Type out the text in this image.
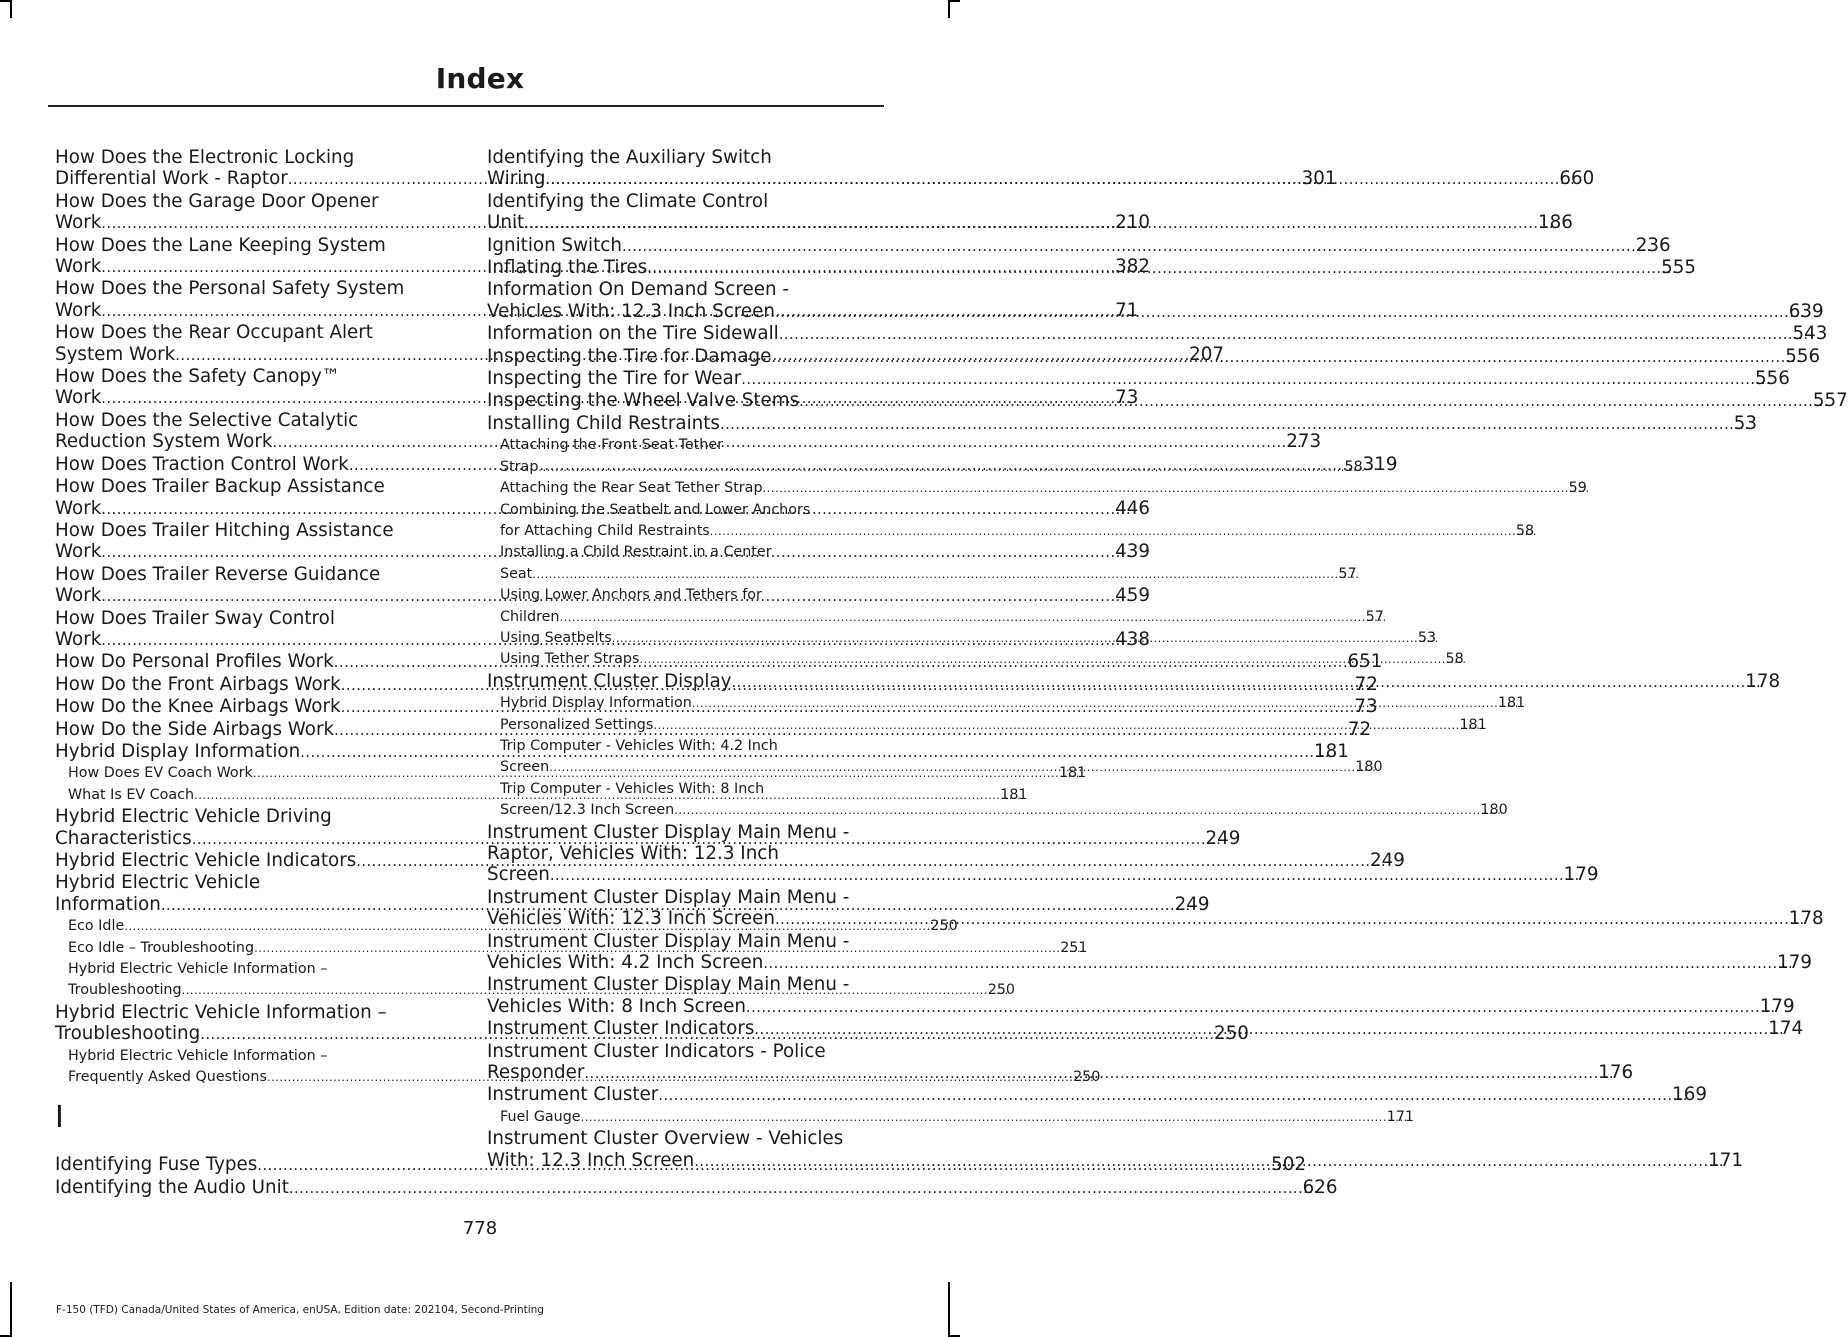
Index
How Does the Electronic Locking
Differential Work - Raptor .....	301
How Does the Garage Door Opener
Work .....	210
How Does the Lane Keeping System
Work .....	382
How Does the Personal Safety System
Work .....	71
How Does the Rear Occupant Alert
System Work .....	207
How Does the Safety Canopy™
Work .....	73
How Does the Selective Catalytic
Reduction System Work .....	273
How Does Traction Control Work .....	319
How Does Trailer Backup Assistance
Work .....	446
How Does Trailer Hitching Assistance
Work .....	439
How Does Trailer Reverse Guidance
Work .....	459
How Does Trailer Sway Control
Work .....	438
How Do Personal Profiles Work .....	651
How Do the Front Airbags Work .....	72
How Do the Knee Airbags Work .....	73
How Do the Side Airbags Work .....	72
Hybrid Display Information .....	181
How Does EV Coach Work .....	181
What Is EV Coach .....	181
Hybrid Electric Vehicle Driving
Characteristics .....	249
Hybrid Electric Vehicle Indicators .....	249
Hybrid Electric Vehicle
Information .....	249
Eco Idle .....	250
Eco Idle – Troubleshooting .....	251
Hybrid Electric Vehicle Information –
Troubleshooting .....	250
Hybrid Electric Vehicle Information –
Troubleshooting .....	250
Hybrid Electric Vehicle Information –
Frequently Asked Questions .....	250
I
Identifying Fuse Types .....	502
Identifying the Audio Unit .....	626
Identifying the Auxiliary Switch
Wiring .....	660
Identifying the Climate Control
Unit .....	186
Ignition Switch .....	236
Inflating the Tires .....	555
Information On Demand Screen -
Vehicles With: 12.3 Inch Screen .....	639
Information on the Tire Sidewall .....	543
Inspecting the Tire for Damage .....	556
Inspecting the Tire for Wear .....	556
Inspecting the Wheel Valve Stems .....	557
Installing Child Restraints .....	53
Attaching the Front Seat Tether
Strap .....	58
Attaching the Rear Seat Tether Strap .....	59
Combining the Seatbelt and Lower Anchors
for Attaching Child Restraints .....	58
Installing a Child Restraint in a Center
Seat .....	57
Using Lower Anchors and Tethers for
Children .....	57
Using Seatbelts .....	53
Using Tether Straps .....	58
Instrument Cluster Display .....	178
Hybrid Display Information .....	181
Personalized Settings .....	181
Trip Computer - Vehicles With: 4.2 Inch
Screen .....	180
Trip Computer - Vehicles With: 8 Inch
Screen/12.3 Inch Screen .....	180
Instrument Cluster Display Main Menu -
Raptor, Vehicles With: 12.3 Inch
Screen .....	179
Instrument Cluster Display Main Menu -
Vehicles With: 12.3 Inch Screen .....	178
Instrument Cluster Display Main Menu -
Vehicles With: 4.2 Inch Screen .....	179
Instrument Cluster Display Main Menu -
Vehicles With: 8 Inch Screen .....	179
Instrument Cluster Indicators .....	174
Instrument Cluster Indicators - Police
Responder .....	176
Instrument Cluster .....	169
Fuel Gauge .....	171
Instrument Cluster Overview - Vehicles
With: 12.3 Inch Screen .....	171
778
F-150 (TFD) Canada/United States of America, enUSA, Edition date: 202104, Second-Printing
